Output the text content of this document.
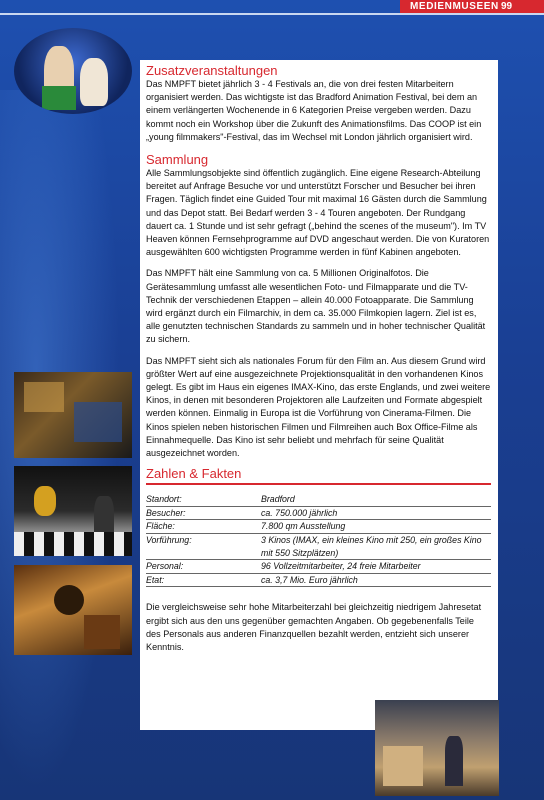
MEDIENMUSEEN 99
Zusatzveranstaltungen

Das NMPFT bietet jährlich 3 - 4 Festivals an, die von drei festen Mitarbeitern organisiert werden. Das wichtigste ist das Bradford Animation Festival, bei dem an einem verlängerten Wochenende in 6 Kategorien Preise vergeben werden. Dazu kommt noch ein Workshop über die Zukunft des Animationsfilms. Das COOP ist ein „young filmmakers"-Festival, das im Wechsel mit London jährlich organisiert wird.

Sammlung

Alle Sammlungsobjekte sind öffentlich zugänglich. Eine eigene Research-Abteilung bereitet auf Anfrage Besuche vor und unterstützt Forscher und Besucher bei ihren Fragen. Täglich findet eine Guided Tour mit maximal 16 Gästen durch die Sammlung und das Depot statt. Bei Bedarf werden 3 - 4 Touren angeboten. Der Rundgang dauert ca. 1 Stunde und ist sehr gefragt („behind the scenes of the museum"). Im TV Heaven können Fernsehprogramme auf DVD angeschaut werden. Die von Kuratoren ausgewählten 600 wichtigsten Programme werden in fünf Kabinen angeboten.

Das NMPFT hält eine Sammlung von ca. 5 Millionen Originalfotos. Die Gerätesammlung umfasst alle wesentlichen Foto- und Filmapparate und die TV-Technik der verschiedenen Etappen – allein 40.000 Fotoapparate. Die Sammlung wird ergänzt durch ein Filmarchiv, in dem ca. 35.000 Filmkopien lagern. Ziel ist es, alle genutzten technischen Standards zu sammeln und in hoher technischer Qualität zu sichern.

Das NMPFT sieht sich als nationales Forum für den Film an. Aus diesem Grund wird größter Wert auf eine ausgezeichnete Projektionsqualität in den vorhandenen Kinos gelegt. Es gibt im Haus ein eigenes IMAX-Kino, das erste Englands, und zwei weitere Kinos, in denen mit besonderen Projektoren alle Laufzeiten und Formate abgespielt werden können. Einmalig in Europa ist die Vorführung von Cinerama-Filmen. Die Kinos spielen neben historischen Filmen und Filmreihen auch Box Office-Filme als Einnahmequelle. Das Kino ist sehr beliebt und mehrfach für seine Qualität ausgezeichnet worden.

Zahlen & Fakten
Standort:	Bradford
Besucher:	ca. 750.000 jährlich
Fläche:	7.800 qm Ausstellung
Vorführung:	3 Kinos (IMAX, ein kleines Kino mit 250, ein großes Kino mit 550 Sitzplätzen)
Personal:	96 Vollzeitmitarbeiter, 24 freie Mitarbeiter
Etat:	ca. 3,7 Mio. Euro jährlich

Die vergleichsweise sehr hohe Mitarbeiterzahl bei gleichzeitig niedrigem Jahresetat ergibt sich aus den uns gegenüber gemachten Angaben. Ob gegebenenfalls Teile des Personals aus anderen Finanzquellen bezahlt werden, entzieht sich unserer Kenntnis.
